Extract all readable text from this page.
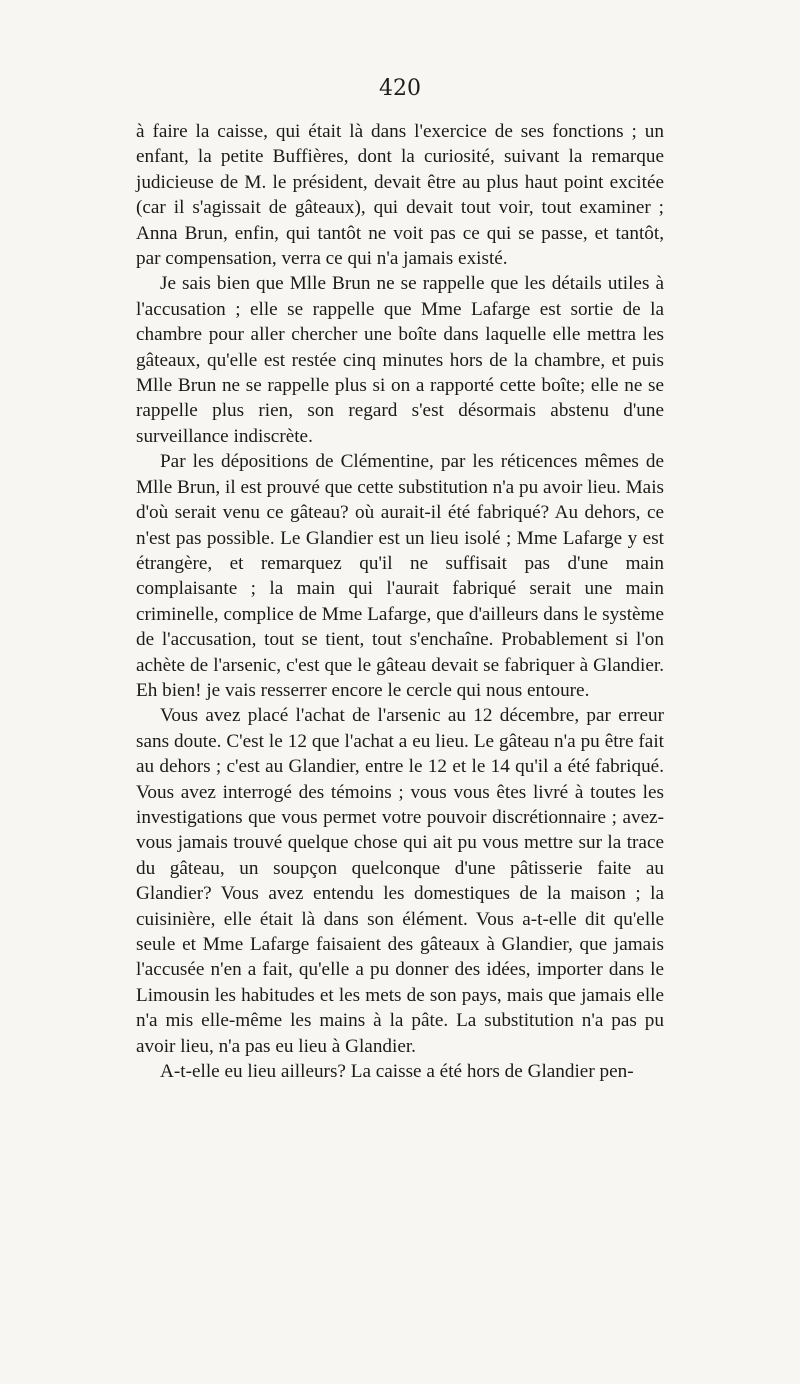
420

à faire la caisse, qui était là dans l'exercice de ses fonctions ; un enfant, la petite Buffières, dont la curiosité, suivant la remarque judicieuse de M. le président, devait être au plus haut point excitée (car il s'agissait de gâteaux), qui devait tout voir, tout examiner ; Anna Brun, enfin, qui tantôt ne voit pas ce qui se passe, et tantôt, par compensation, verra ce qui n'a jamais existé.

Je sais bien que Mlle Brun ne se rappelle que les détails utiles à l'accusation ; elle se rappelle que Mme Lafarge est sortie de la chambre pour aller chercher une boîte dans laquelle elle mettra les gâteaux, qu'elle est restée cinq minutes hors de la chambre, et puis Mlle Brun ne se rappelle plus si on a rapporté cette boîte; elle ne se rappelle plus rien, son regard s'est désormais abstenu d'une surveillance indiscrète.

Par les dépositions de Clémentine, par les réticences mêmes de Mlle Brun, il est prouvé que cette substitution n'a pu avoir lieu. Mais d'où serait venu ce gâteau? où aurait-il été fabriqué? Au dehors, ce n'est pas possible. Le Glandier est un lieu isolé ; Mme Lafarge y est étrangère, et remarquez qu'il ne suffisait pas d'une main complaisante ; la main qui l'aurait fabriqué serait une main criminelle, complice de Mme Lafarge, que d'ailleurs dans le système de l'accusation, tout se tient, tout s'enchaîne. Probablement si l'on achète de l'arsenic, c'est que le gâteau devait se fabriquer à Glandier. Eh bien! je vais resserrer encore le cercle qui nous entoure.

Vous avez placé l'achat de l'arsenic au 12 décembre, par erreur sans doute. C'est le 12 que l'achat a eu lieu. Le gâteau n'a pu être fait au dehors ; c'est au Glandier, entre le 12 et le 14 qu'il a été fabriqué. Vous avez interrogé des témoins ; vous vous êtes livré à toutes les investigations que vous permet votre pouvoir discrétionnaire ; avez-vous jamais trouvé quelque chose qui ait pu vous mettre sur la trace du gâteau, un soupçon quelconque d'une pâtisserie faite au Glandier? Vous avez entendu les domestiques de la maison ; la cuisinière, elle était là dans son élément. Vous a-t-elle dit qu'elle seule et Mme Lafarge faisaient des gâteaux à Glandier, que jamais l'accusée n'en a fait, qu'elle a pu donner des idées, importer dans le Limousin les habitudes et les mets de son pays, mais que jamais elle n'a mis elle-même les mains à la pâte. La substitution n'a pas pu avoir lieu, n'a pas eu lieu à Glandier.

A-t-elle eu lieu ailleurs? La caisse a été hors de Glandier pen-
